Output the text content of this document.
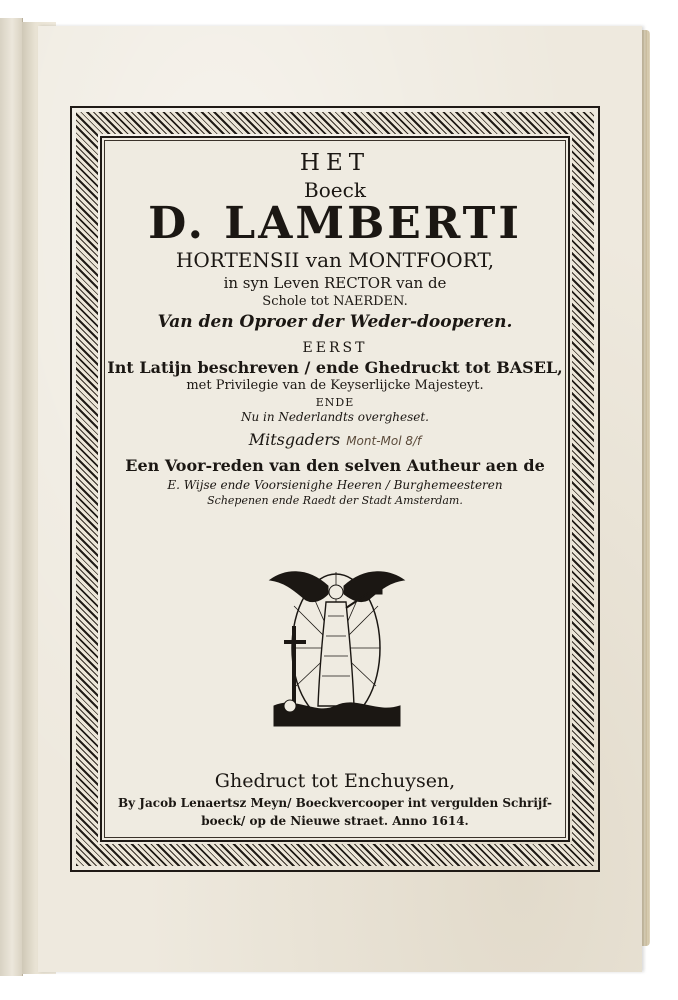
HET
Boeck
D. LAMBERTI
HORTENSII van MONTFOORT,
in syn Leven RECTOR van de
Schole tot NAERDEN.
Van den Oproer der Weder-dooperen.
EERST
Int Latijn beschreven / ende Ghedruckt tot BASEL,
met Privilegie van de Keyserlijcke Majesteyt.
ENDE
Nu in Nederlandts overgheset.
Mitsgaders Mont-Mol 8/f
Een Voor-reden van den selven Autheur aen de
E. Wijse ende Voorsienighe Heeren / Burghemeesteren
Schepenen ende Raedt der Stadt Amsterdam.
Ghedruct tot Enchuysen,
By Jacob Lenaertsz Meyn/ Boeckvercooper int vergulden Schrijf-
boeck/ op de Nieuwe straet. Anno 1614.
